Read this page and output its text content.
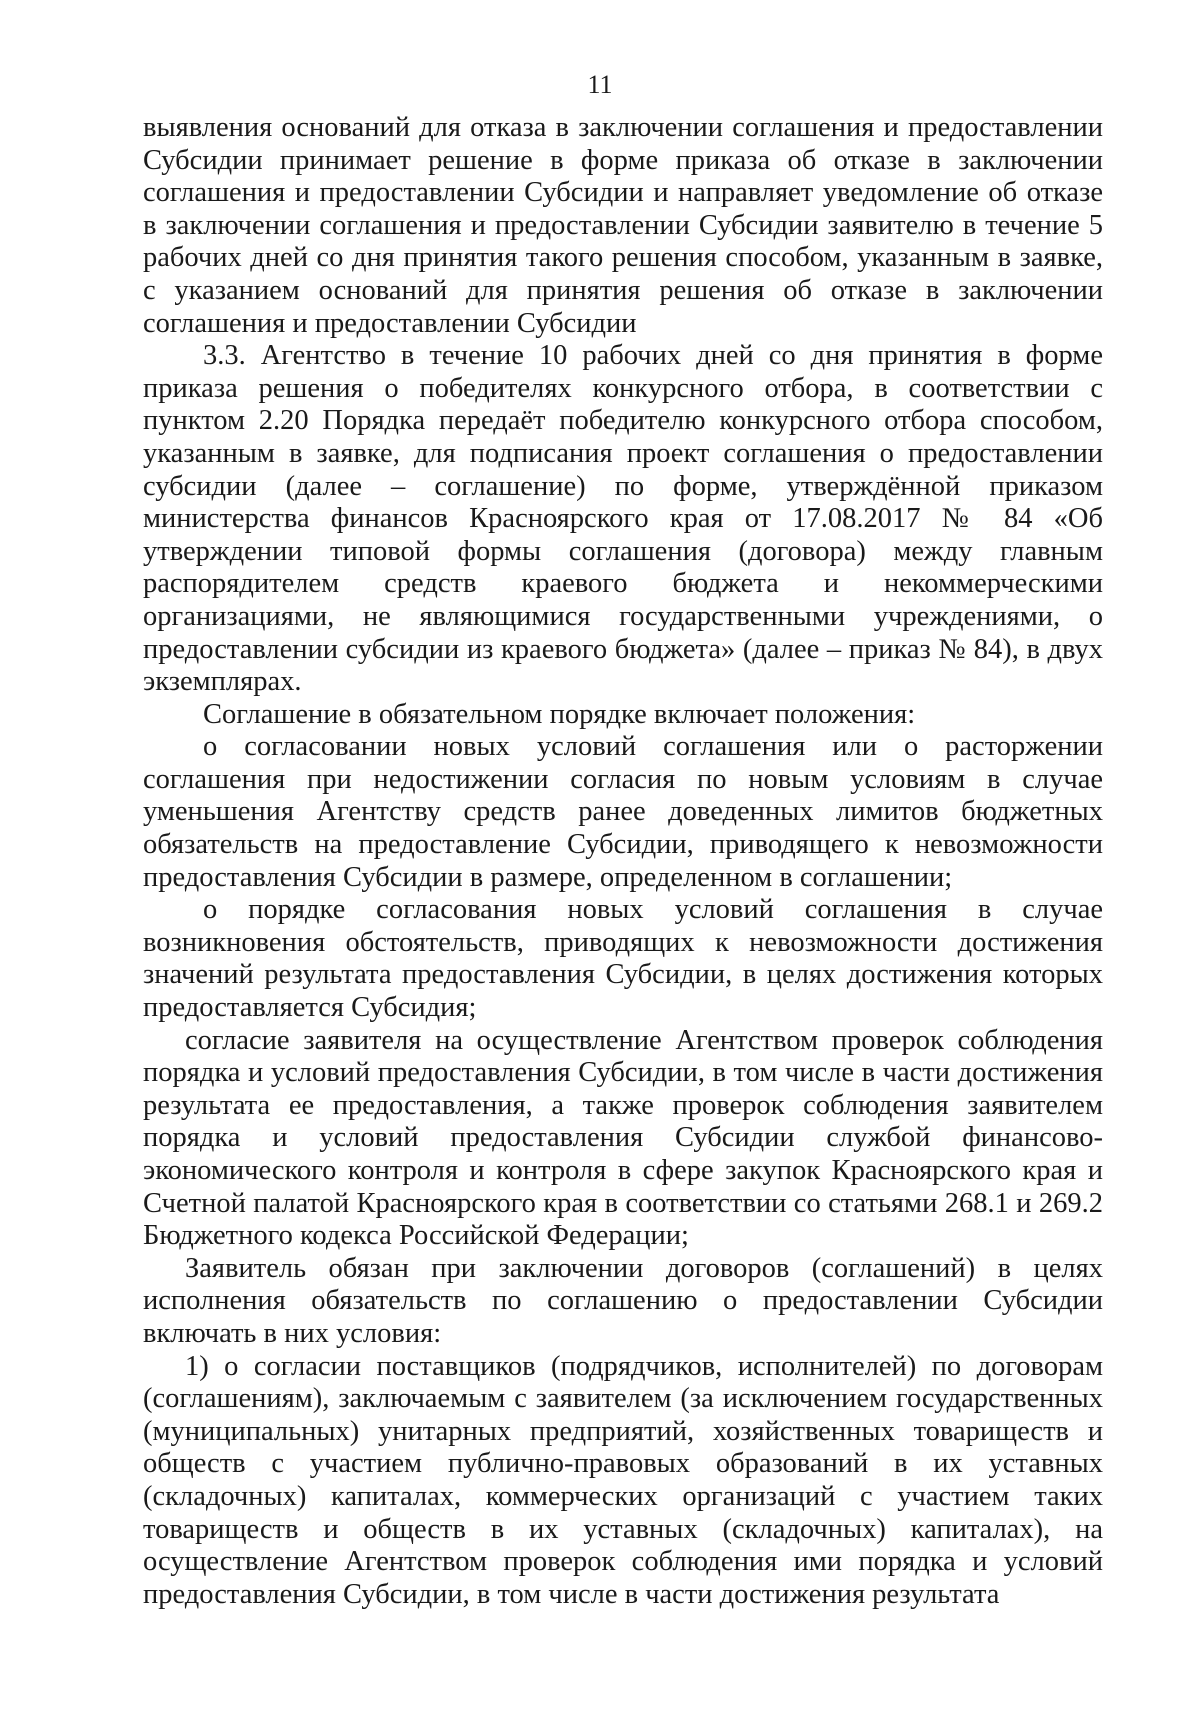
11

выявления оснований для отказа в заключении соглашения и предоставлении Субсидии принимает решение в форме приказа об отказе в заключении соглашения и предоставлении Субсидии и направляет уведомление об отказе в заключении соглашения и предоставлении Субсидии заявителю в течение 5 рабочих дней со дня принятия такого решения способом, указанным в заявке, с указанием оснований для принятия решения об отказе в заключении соглашения и предоставлении Субсидии

3.3. Агентство в течение 10 рабочих дней со дня принятия в форме приказа решения о победителях конкурсного отбора, в соответствии с пунктом 2.20 Порядка передаёт победителю конкурсного отбора способом, указанным в заявке, для подписания проект соглашения о предоставлении субсидии (далее – соглашение) по форме, утверждённой приказом министерства финансов Красноярского края от 17.08.2017 № 84 «Об утверждении типовой формы соглашения (договора) между главным распорядителем средств краевого бюджета и некоммерческими организациями, не являющимися государственными учреждениями, о предоставлении субсидии из краевого бюджета» (далее – приказ № 84), в двух экземплярах.

Соглашение в обязательном порядке включает положения:

о согласовании новых условий соглашения или о расторжении соглашения при недостижении согласия по новым условиям в случае уменьшения Агентству средств ранее доведенных лимитов бюджетных обязательств на предоставление Субсидии, приводящего к невозможности предоставления Субсидии в размере, определенном в соглашении;

о порядке согласования новых условий соглашения в случае возникновения обстоятельств, приводящих к невозможности достижения значений результата предоставления Субсидии, в целях достижения которых предоставляется Субсидия;

согласие заявителя на осуществление Агентством проверок соблюдения порядка и условий предоставления Субсидии, в том числе в части достижения результата ее предоставления, а также проверок соблюдения заявителем порядка и условий предоставления Субсидии службой финансово-экономического контроля и контроля в сфере закупок Красноярского края и Счетной палатой Красноярского края в соответствии со статьями 268.1 и 269.2 Бюджетного кодекса Российской Федерации;

Заявитель обязан при заключении договоров (соглашений) в целях исполнения обязательств по соглашению о предоставлении Субсидии включать в них условия:

1) о согласии поставщиков (подрядчиков, исполнителей) по договорам (соглашениям), заключаемым с заявителем (за исключением государственных (муниципальных) унитарных предприятий, хозяйственных товариществ и обществ с участием публично-правовых образований в их уставных (складочных) капиталах, коммерческих организаций с участием таких товариществ и обществ в их уставных (складочных) капиталах), на осуществление Агентством проверок соблюдения ими порядка и условий предоставления Субсидии, в том числе в части достижения результата
